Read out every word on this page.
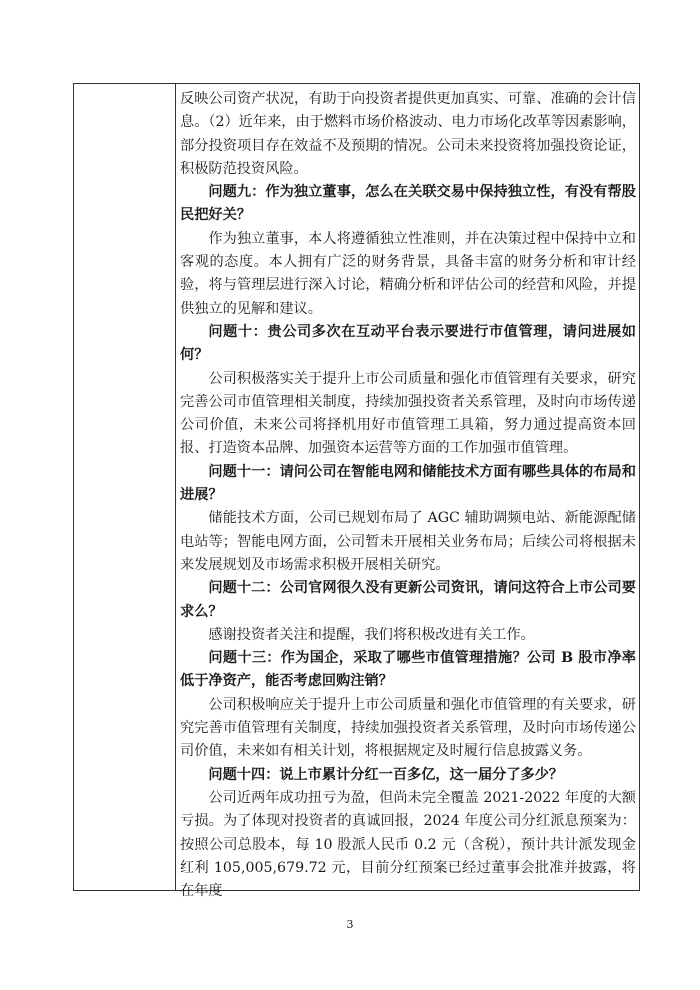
反映公司资产状况，有助于向投资者提供更加真实、可靠、准确的会计信息。（2）近年来，由于燃料市场价格波动、电力市场化改革等因素影响，部分投资项目存在效益不及预期的情况。公司未来投资将加强投资论证，积极防范投资风险。

问题九：作为独立董事，怎么在关联交易中保持独立性，有没有帮股民把好关？

作为独立董事，本人将遵循独立性准则，并在决策过程中保持中立和客观的态度。本人拥有广泛的财务背景，具备丰富的财务分析和审计经验，将与管理层进行深入讨论，精确分析和评估公司的经营和风险，并提供独立的见解和建议。

问题十：贵公司多次在互动平台表示要进行市值管理，请问进展如何？

公司积极落实关于提升上市公司质量和强化市值管理有关要求，研究完善公司市值管理相关制度，持续加强投资者关系管理，及时向市场传递公司价值，未来公司将择机用好市值管理工具箱，努力通过提高资本回报、打造资本品牌、加强资本运营等方面的工作加强市值管理。

问题十一：请问公司在智能电网和储能技术方面有哪些具体的布局和进展？

储能技术方面，公司已规划布局了 AGC 辅助调频电站、新能源配储电站等；智能电网方面，公司暂未开展相关业务布局；后续公司将根据未来发展规划及市场需求积极开展相关研究。

问题十二：公司官网很久没有更新公司资讯，请问这符合上市公司要求么？

感谢投资者关注和提醒，我们将积极改进有关工作。

问题十三：作为国企，采取了哪些市值管理措施？公司 B 股市净率低于净资产，能否考虑回购注销？

公司积极响应关于提升上市公司质量和强化市值管理的有关要求，研究完善市值管理有关制度，持续加强投资者关系管理，及时向市场传递公司价值，未来如有相关计划，将根据规定及时履行信息披露义务。

问题十四：说上市累计分红一百多亿，这一届分了多少？

公司近两年成功扭亏为盈，但尚未完全覆盖 2021-2022 年度的大额亏损。为了体现对投资者的真诚回报，2024 年度公司分红派息预案为：按照公司总股本，每 10 股派人民币 0.2 元（含税），预计共计派发现金红利 105,005,679.72 元，目前分红预案已经过董事会批准并披露，将在年度

3
